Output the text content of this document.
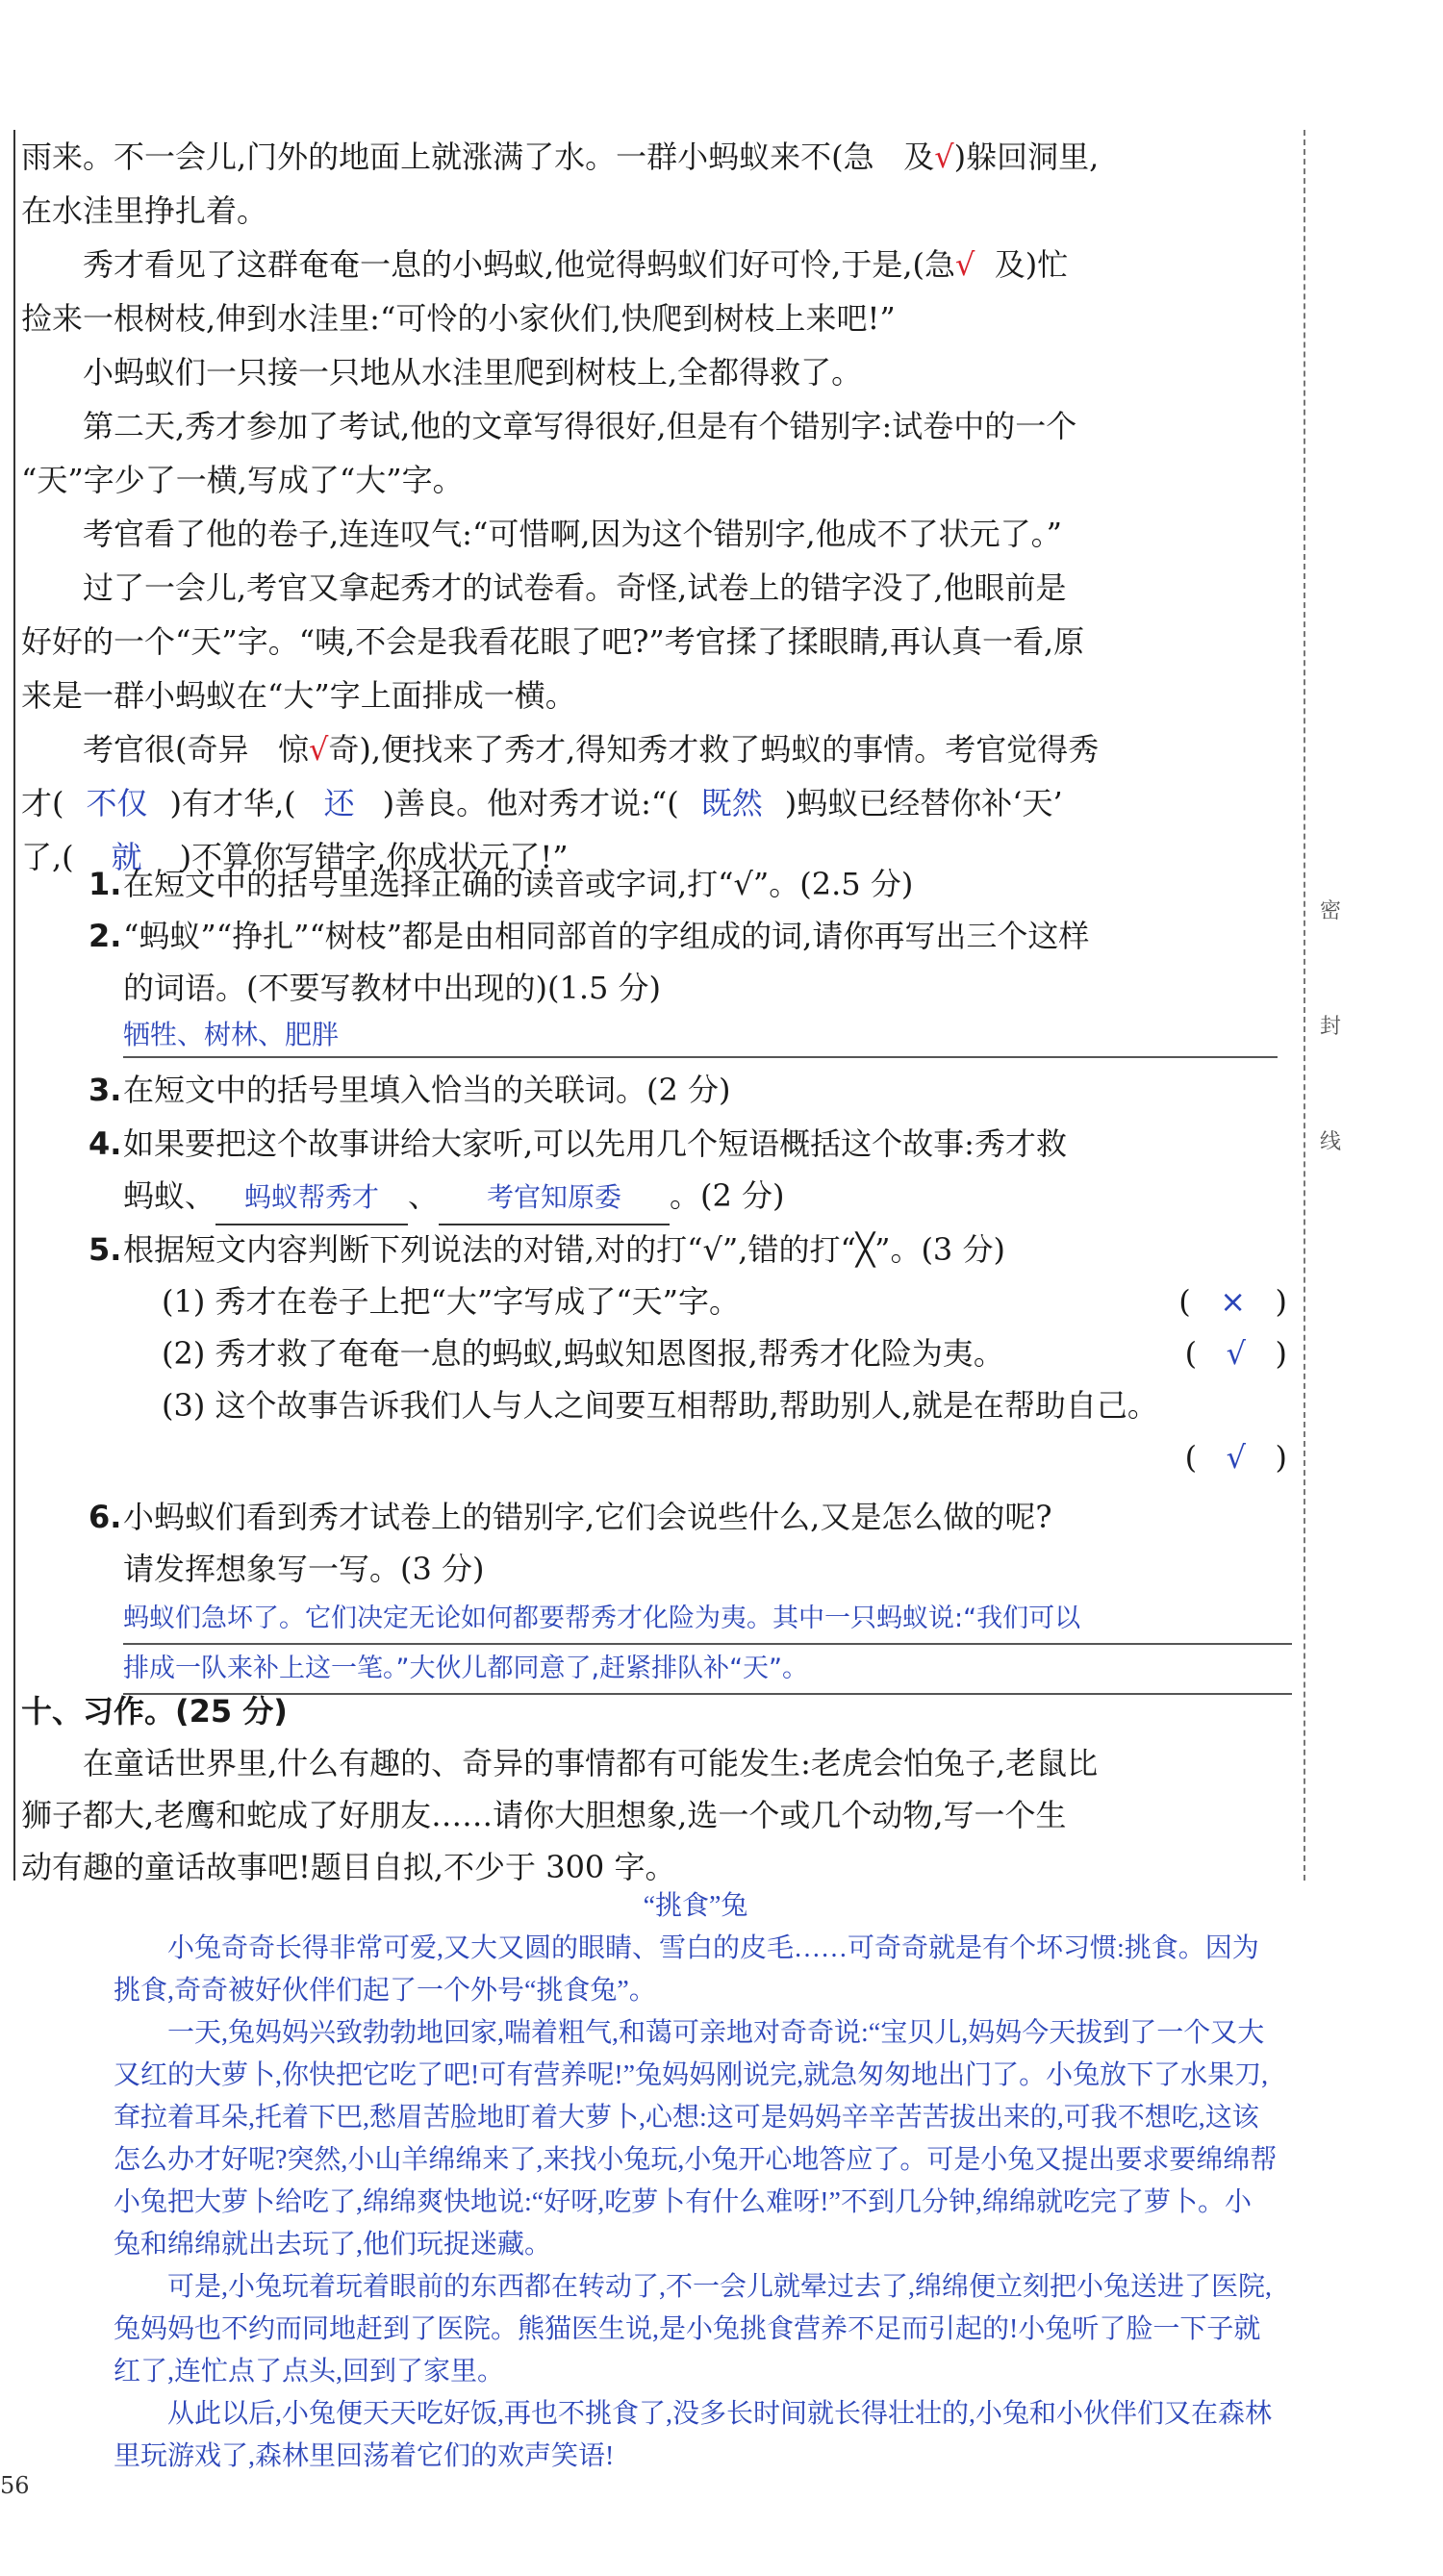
密
封
线

雨来。不一会儿,门外的地面上就涨满了水。一群小蚂蚁来不(急 及√)躲回洞里,

在水洼里挣扎着。

秀才看见了这群奄奄一息的小蚂蚁,他觉得蚂蚁们好可怜,于是,(急√ 及)忙

捡来一根树枝,伸到水洼里:“可怜的小家伙们,快爬到树枝上来吧!”

小蚂蚁们一只接一只地从水洼里爬到树枝上,全都得救了。

第二天,秀才参加了考试,他的文章写得很好,但是有个错别字:试卷中的一个

“天”字少了一横,写成了“大”字。

考官看了他的卷子,连连叹气:“可惜啊,因为这个错别字,他成不了状元了。”

过了一会儿,考官又拿起秀才的试卷看。奇怪,试卷上的错字没了,他眼前是

好好的一个“天”字。“咦,不会是我看花眼了吧?”考官揉了揉眼睛,再认真一看,原

来是一群小蚂蚁在“大”字上面排成一横。

考官很(奇异 惊√奇),便找来了秀才,得知秀才救了蚂蚁的事情。考官觉得秀

才( 不仅 )有才华,( 还 )善良。他对秀才说:“( 既然 )蚂蚁已经替你补‘天’

了,( 就 )不算你写错字,你成状元了!”

1. 在短文中的括号里选择正确的读音或字词,打“√”。(2.5 分)
2. “蚂蚁”“挣扎”“树枝”都是由相同部首的字组成的词,请你再写出三个这样
的词语。(不要写教材中出现的)(1.5 分)
牺牲、树林、肥胖
3. 在短文中的括号里填入恰当的关联词。(2 分)
4. 如果要把这个故事讲给大家听,可以先用几个短语概括这个故事:秀才救
蚂蚁、 蚂蚁帮秀才 、 考官知原委 。(2 分)
5. 根据短文内容判断下列说法的对错,对的打“√”,错的打“╳”。(3 分)
(1) 秀才在卷子上把“大”字写成了“天”字。	(   ×   )
(2) 秀才救了奄奄一息的蚂蚁,蚂蚁知恩图报,帮秀才化险为夷。	(   √   )
(3) 这个故事告诉我们人与人之间要互相帮助,帮助别人,就是在帮助自己。
(   √   )
6. 小蚂蚁们看到秀才试卷上的错别字,它们会说些什么,又是怎么做的呢?
请发挥想象写一写。(3 分)
蚂蚁们急坏了。它们决定无论如何都要帮秀才化险为夷。其中一只蚂蚁说:“我们可以
排成一队来补上这一笔。”大伙儿都同意了,赶紧排队补“天”。

十、习作。(25 分)

在童话世界里,什么有趣的、奇异的事情都有可能发生:老虎会怕兔子,老鼠比

狮子都大,老鹰和蛇成了好朋友……请你大胆想象,选一个或几个动物,写一个生

动有趣的童话故事吧!题目自拟,不少于 300 字。

“挑食”兔

小兔奇奇长得非常可爱,又大又圆的眼睛、雪白的皮毛……可奇奇就是有个坏习惯:挑食。因为挑食,奇奇被好伙伴们起了一个外号“挑食兔”。

一天,兔妈妈兴致勃勃地回家,喘着粗气,和蔼可亲地对奇奇说:“宝贝儿,妈妈今天拔到了一个又大又红的大萝卜,你快把它吃了吧!可有营养呢!”兔妈妈刚说完,就急匆匆地出门了。小兔放下了水果刀,耷拉着耳朵,托着下巴,愁眉苦脸地盯着大萝卜,心想:这可是妈妈辛辛苦苦拔出来的,可我不想吃,这该怎么办才好呢?突然,小山羊绵绵来了,来找小兔玩,小兔开心地答应了。可是小兔又提出要求要绵绵帮小兔把大萝卜给吃了,绵绵爽快地说:“好呀,吃萝卜有什么难呀!”不到几分钟,绵绵就吃完了萝卜。小兔和绵绵就出去玩了,他们玩捉迷藏。

可是,小兔玩着玩着眼前的东西都在转动了,不一会儿就晕过去了,绵绵便立刻把小兔送进了医院,兔妈妈也不约而同地赶到了医院。熊猫医生说,是小兔挑食营养不足而引起的!小兔听了脸一下子就红了,连忙点了点头,回到了家里。

从此以后,小兔便天天吃好饭,再也不挑食了,没多长时间就长得壮壮的,小兔和小伙伴们又在森林里玩游戏了,森林里回荡着它们的欢声笑语!

56
